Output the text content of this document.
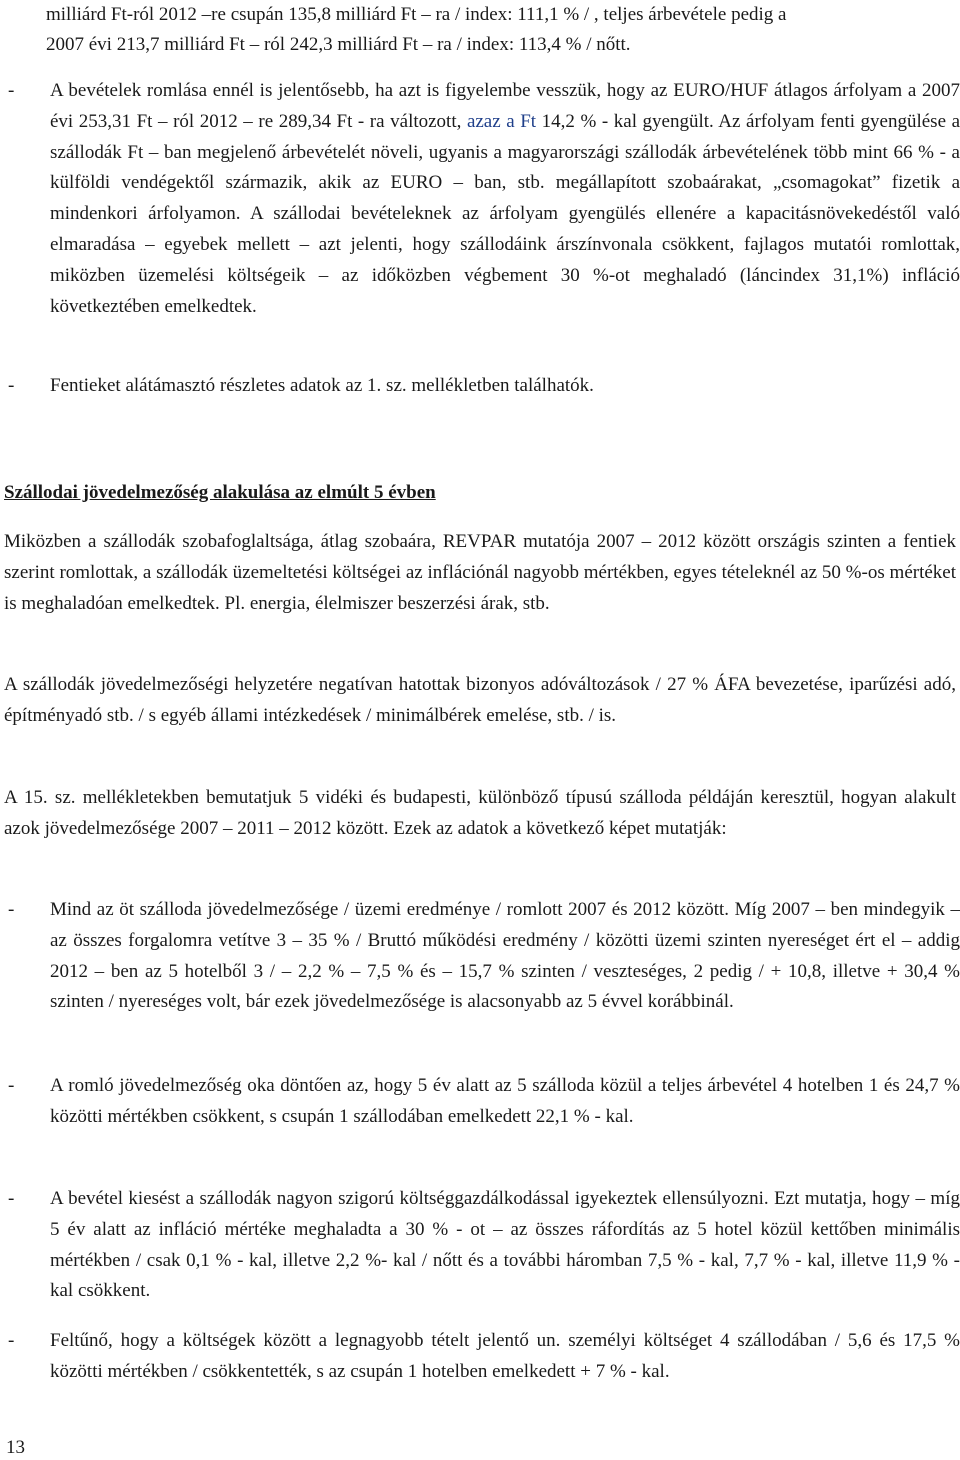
milliárd Ft-ról 2012 –re csupán 135,8 milliárd Ft – ra / index: 111,1 % / , teljes árbevétele pedig a
2007 évi 213,7 milliárd Ft – ról 242,3 milliárd Ft – ra / index: 113,4 % / nőtt.
-	A bevételek romlása ennél is jelentősebb, ha azt is figyelembe vesszük, hogy az EURO/HUF átlagos árfolyam a 2007 évi 253,31 Ft – ról 2012 – re 289,34 Ft - ra változott, azaz a Ft 14,2 % - kal gyengült. Az árfolyam fenti gyengülése a szállodák Ft – ban megjelenő árbevételét növeli, ugyanis a magyarországi szállodák árbevételének több mint 66 % - a külföldi vendégektől származik, akik az EURO – ban, stb. megállapított szobaárakat, „csomagokat” fizetik a mindenkori árfolyamon. A szállodai bevételeknek az árfolyam gyengülés ellenére a kapacitásnövekedéstől való elmaradása – egyebek mellett – azt jelenti, hogy szállodáink árszínvonala csökkent, fajlagos mutatói romlottak, miközben üzemelési költségeik – az időközben végbement 30 %-ot meghaladó (láncindex 31,1%) infláció következtében emelkedtek.
-	Fentieket alátámasztó részletes adatok az 1. sz. mellékletben találhatók.
Szállodai jövedelmezőség alakulása az elmúlt 5 évben
Miközben a szállodák szobafoglaltsága, átlag szobaára, REVPAR mutatója 2007 – 2012 között országis szinten a fentiek szerint romlottak, a szállodák üzemeltetési költségei az inflációnál nagyobb mértékben, egyes tételeknél az 50 %-os mértéket is meghaladóan emelkedtek. Pl. energia, élelmiszer beszerzési árak, stb.
A szállodák jövedelmezőségi helyzetére negatívan hatottak bizonyos adóváltozások / 27 % ÁFA bevezetése, iparűzési adó, építményadó stb. / s egyéb állami intézkedések / minimálbérek emelése, stb. / is.
A 15. sz. mellékletekben bemutatjuk 5 vidéki és budapesti, különböző típusú szálloda példáján keresztül, hogyan alakult azok jövedelmezősége 2007 – 2011 – 2012 között. Ezek az adatok a következő képet mutatják:
-	Mind az öt szálloda jövedelmezősége / üzemi eredménye / romlott 2007 és 2012 között. Míg 2007 – ben mindegyik – az összes forgalomra vetítve 3 – 35 % / Bruttó működési eredmény / közötti üzemi szinten nyereséget ért el – addig 2012 – ben az 5 hotelből 3 / – 2,2 % – 7,5 % és – 15,7 % szinten / veszteséges, 2 pedig / + 10,8, illetve + 30,4 % szinten / nyereséges volt, bár ezek jövedelmezősége is alacsonyabb az 5 évvel korábbinál.
-	A romló jövedelmezőség oka döntően az, hogy 5 év alatt az 5 szálloda közül a teljes árbevétel 4 hotelben 1 és 24,7 % közötti mértékben csökkent, s csupán 1 szállodában emelkedett 22,1 % - kal.
-	A bevétel kiesést a szállodák nagyon szigorú költséggazdálkodással igyekeztek ellensúlyozni. Ezt mutatja, hogy – míg 5 év alatt az infláció mértéke meghaladta a 30 % - ot – az összes ráfordítás az 5 hotel közül kettőben minimális mértékben / csak 0,1 % - kal, illetve 2,2 %- kal / nőtt és a további háromban 7,5 % - kal, 7,7 % - kal, illetve 11,9 % - kal csökkent.
-	Feltűnő, hogy a költségek között a legnagyobb tételt jelentő un. személyi költséget 4 szállodában / 5,6 és 17,5 % közötti mértékben / csökkentették, s az csupán 1 hotelben emelkedett + 7 % - kal.
13
